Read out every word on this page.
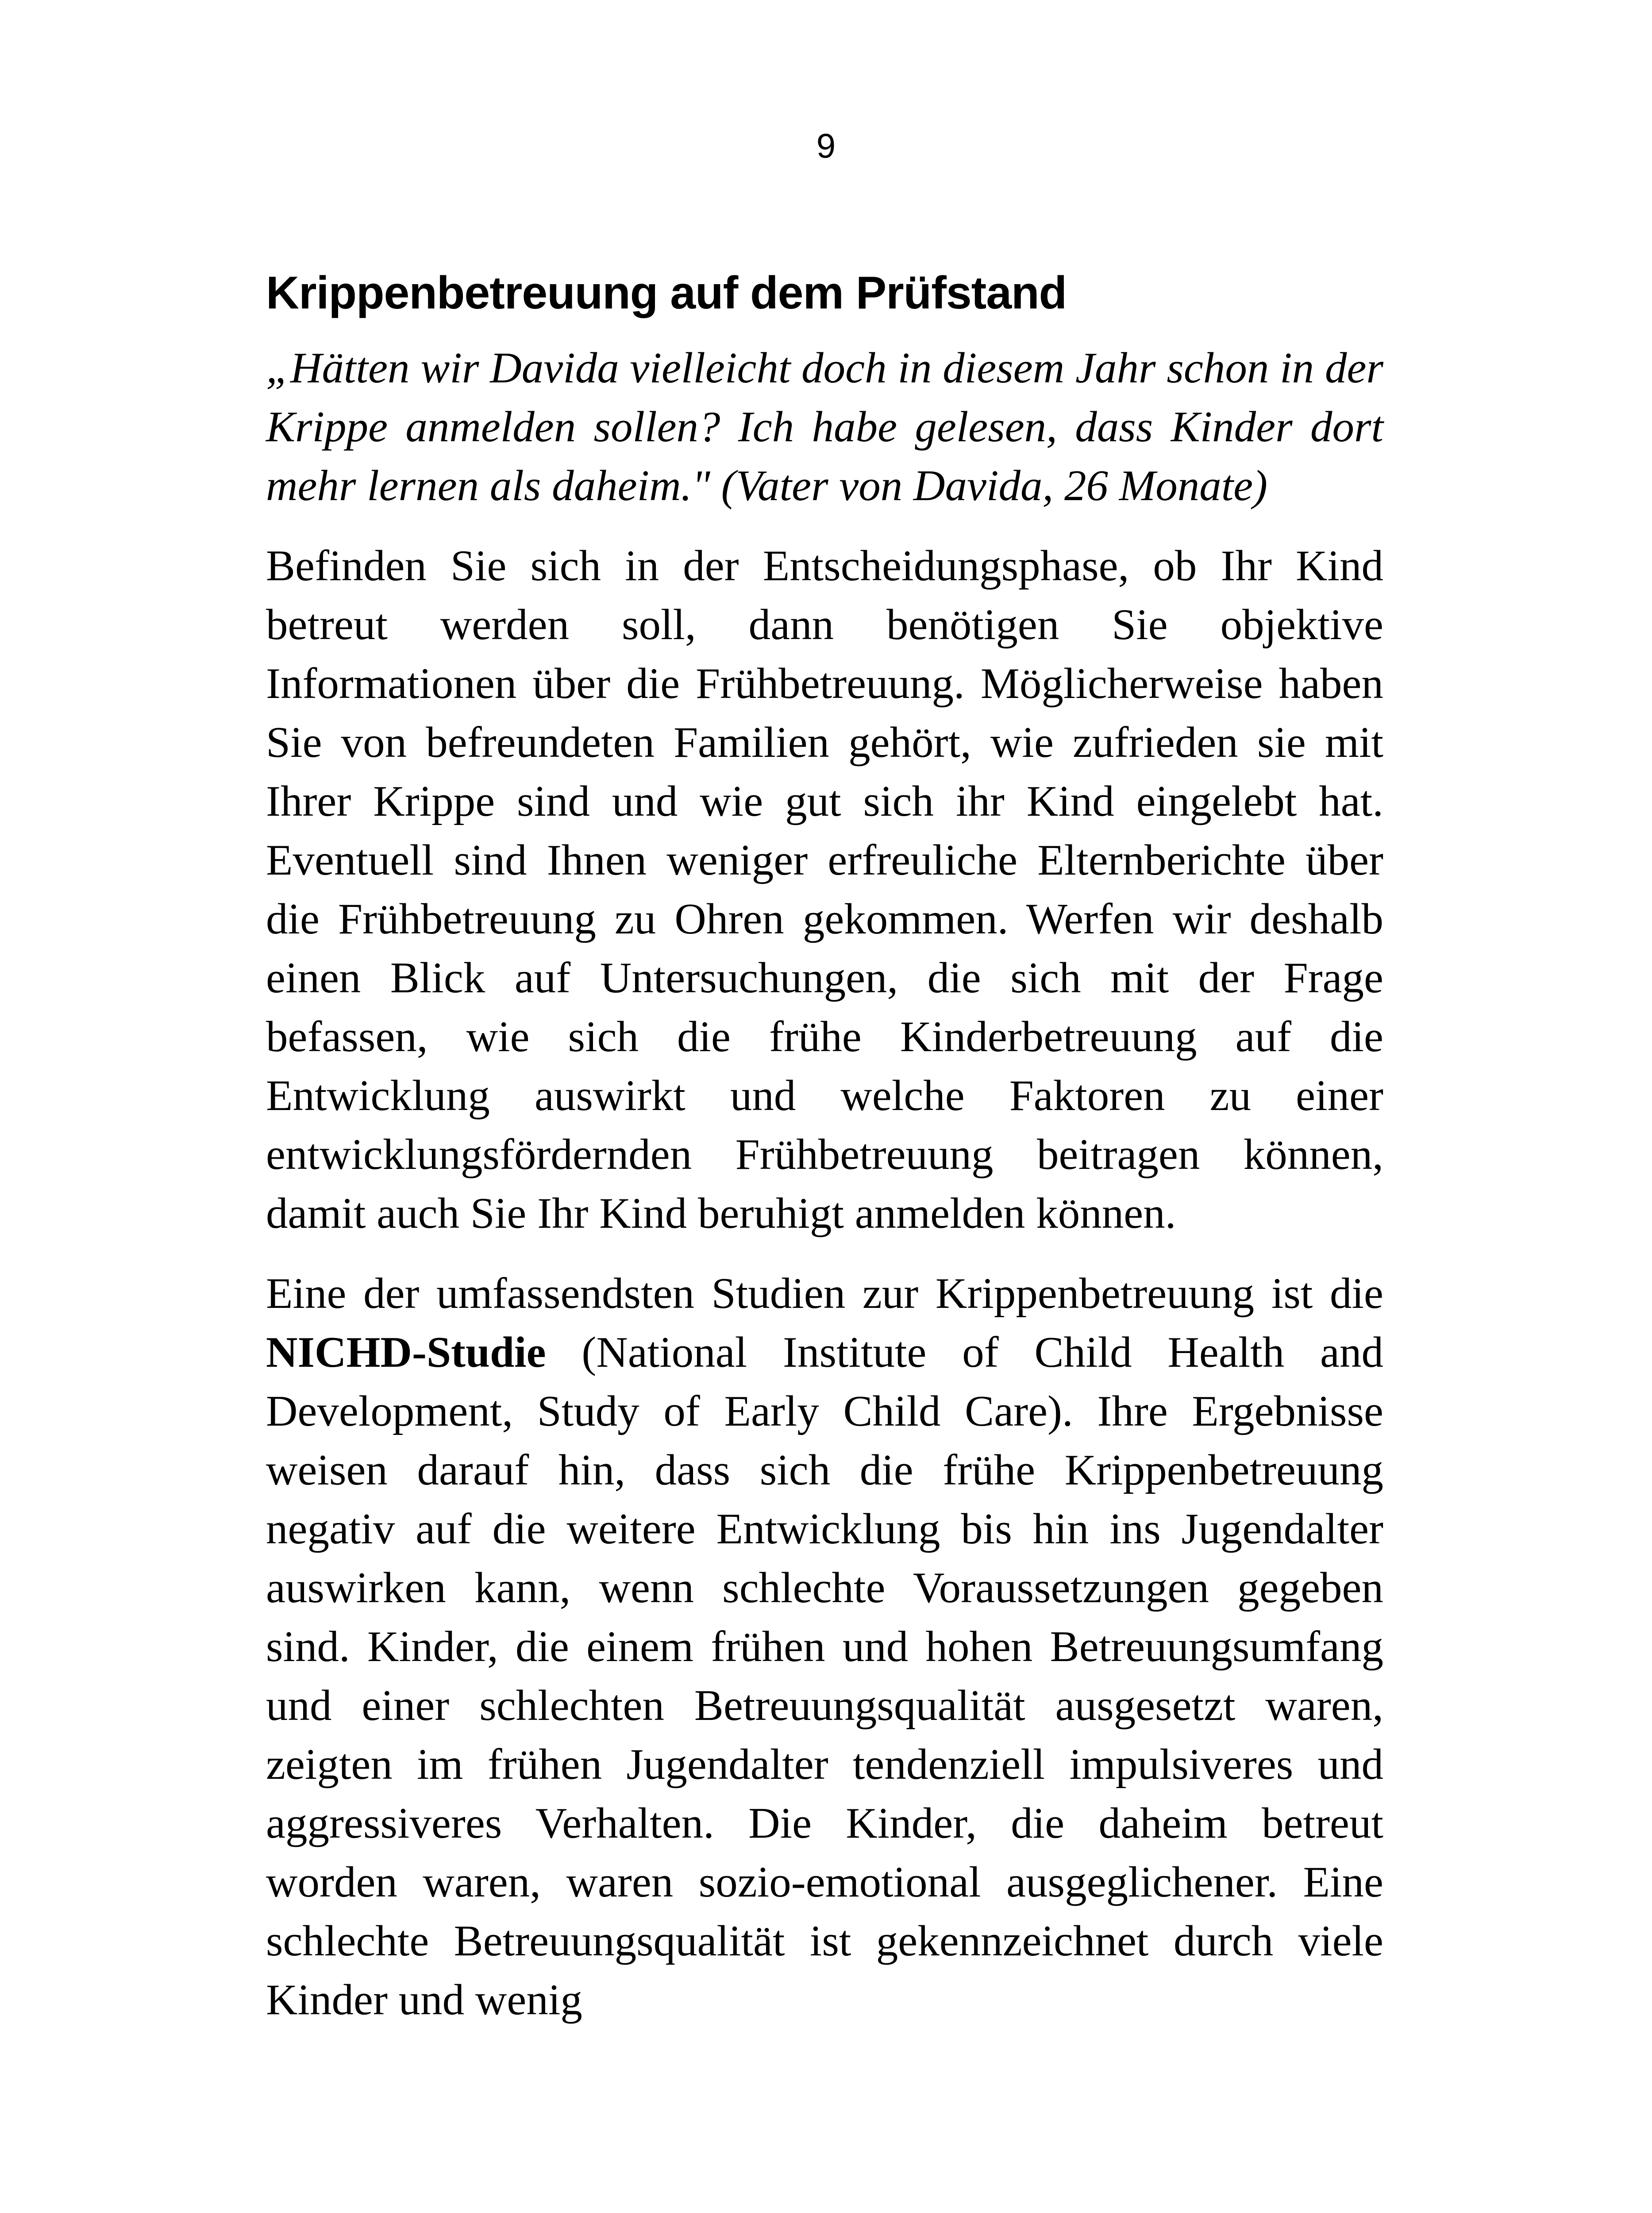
9
Krippenbetreuung auf dem Prüfstand

„Hätten wir Davida vielleicht doch in diesem Jahr schon in der Krippe anmelden sollen? Ich habe gelesen, dass Kinder dort mehr lernen als daheim." (Vater von Davida, 26 Monate)

Befinden Sie sich in der Entscheidungsphase, ob Ihr Kind betreut werden soll, dann benötigen Sie objektive Informationen über die Frühbetreuung. Möglicherweise haben Sie von befreundeten Familien gehört, wie zufrieden sie mit Ihrer Krippe sind und wie gut sich ihr Kind eingelebt hat. Eventuell sind Ihnen weniger erfreuliche Elternberichte über die Frühbetreuung zu Ohren gekommen. Werfen wir deshalb einen Blick auf Untersuchungen, die sich mit der Frage befassen, wie sich die frühe Kinderbetreuung auf die Entwicklung auswirkt und welche Faktoren zu einer entwicklungsfördernden Frühbetreuung beitragen können, damit auch Sie Ihr Kind beruhigt anmelden können.

Eine der umfassendsten Studien zur Krippenbetreuung ist die NICHD-Studie (National Institute of Child Health and Development, Study of Early Child Care). Ihre Ergebnisse weisen darauf hin, dass sich die frühe Krippenbetreuung negativ auf die weitere Entwicklung bis hin ins Jugendalter auswirken kann, wenn schlechte Voraussetzungen gegeben sind. Kinder, die einem frühen und hohen Betreuungsumfang und einer schlechten Betreuungsqualität ausgesetzt waren, zeigten im frühen Jugendalter tendenziell impulsiveres und aggressiveres Verhalten. Die Kinder, die daheim betreut worden waren, waren sozio-emotional ausgeglichener. Eine schlechte Betreuungsqualität ist gekennzeichnet durch viele Kinder und wenig
